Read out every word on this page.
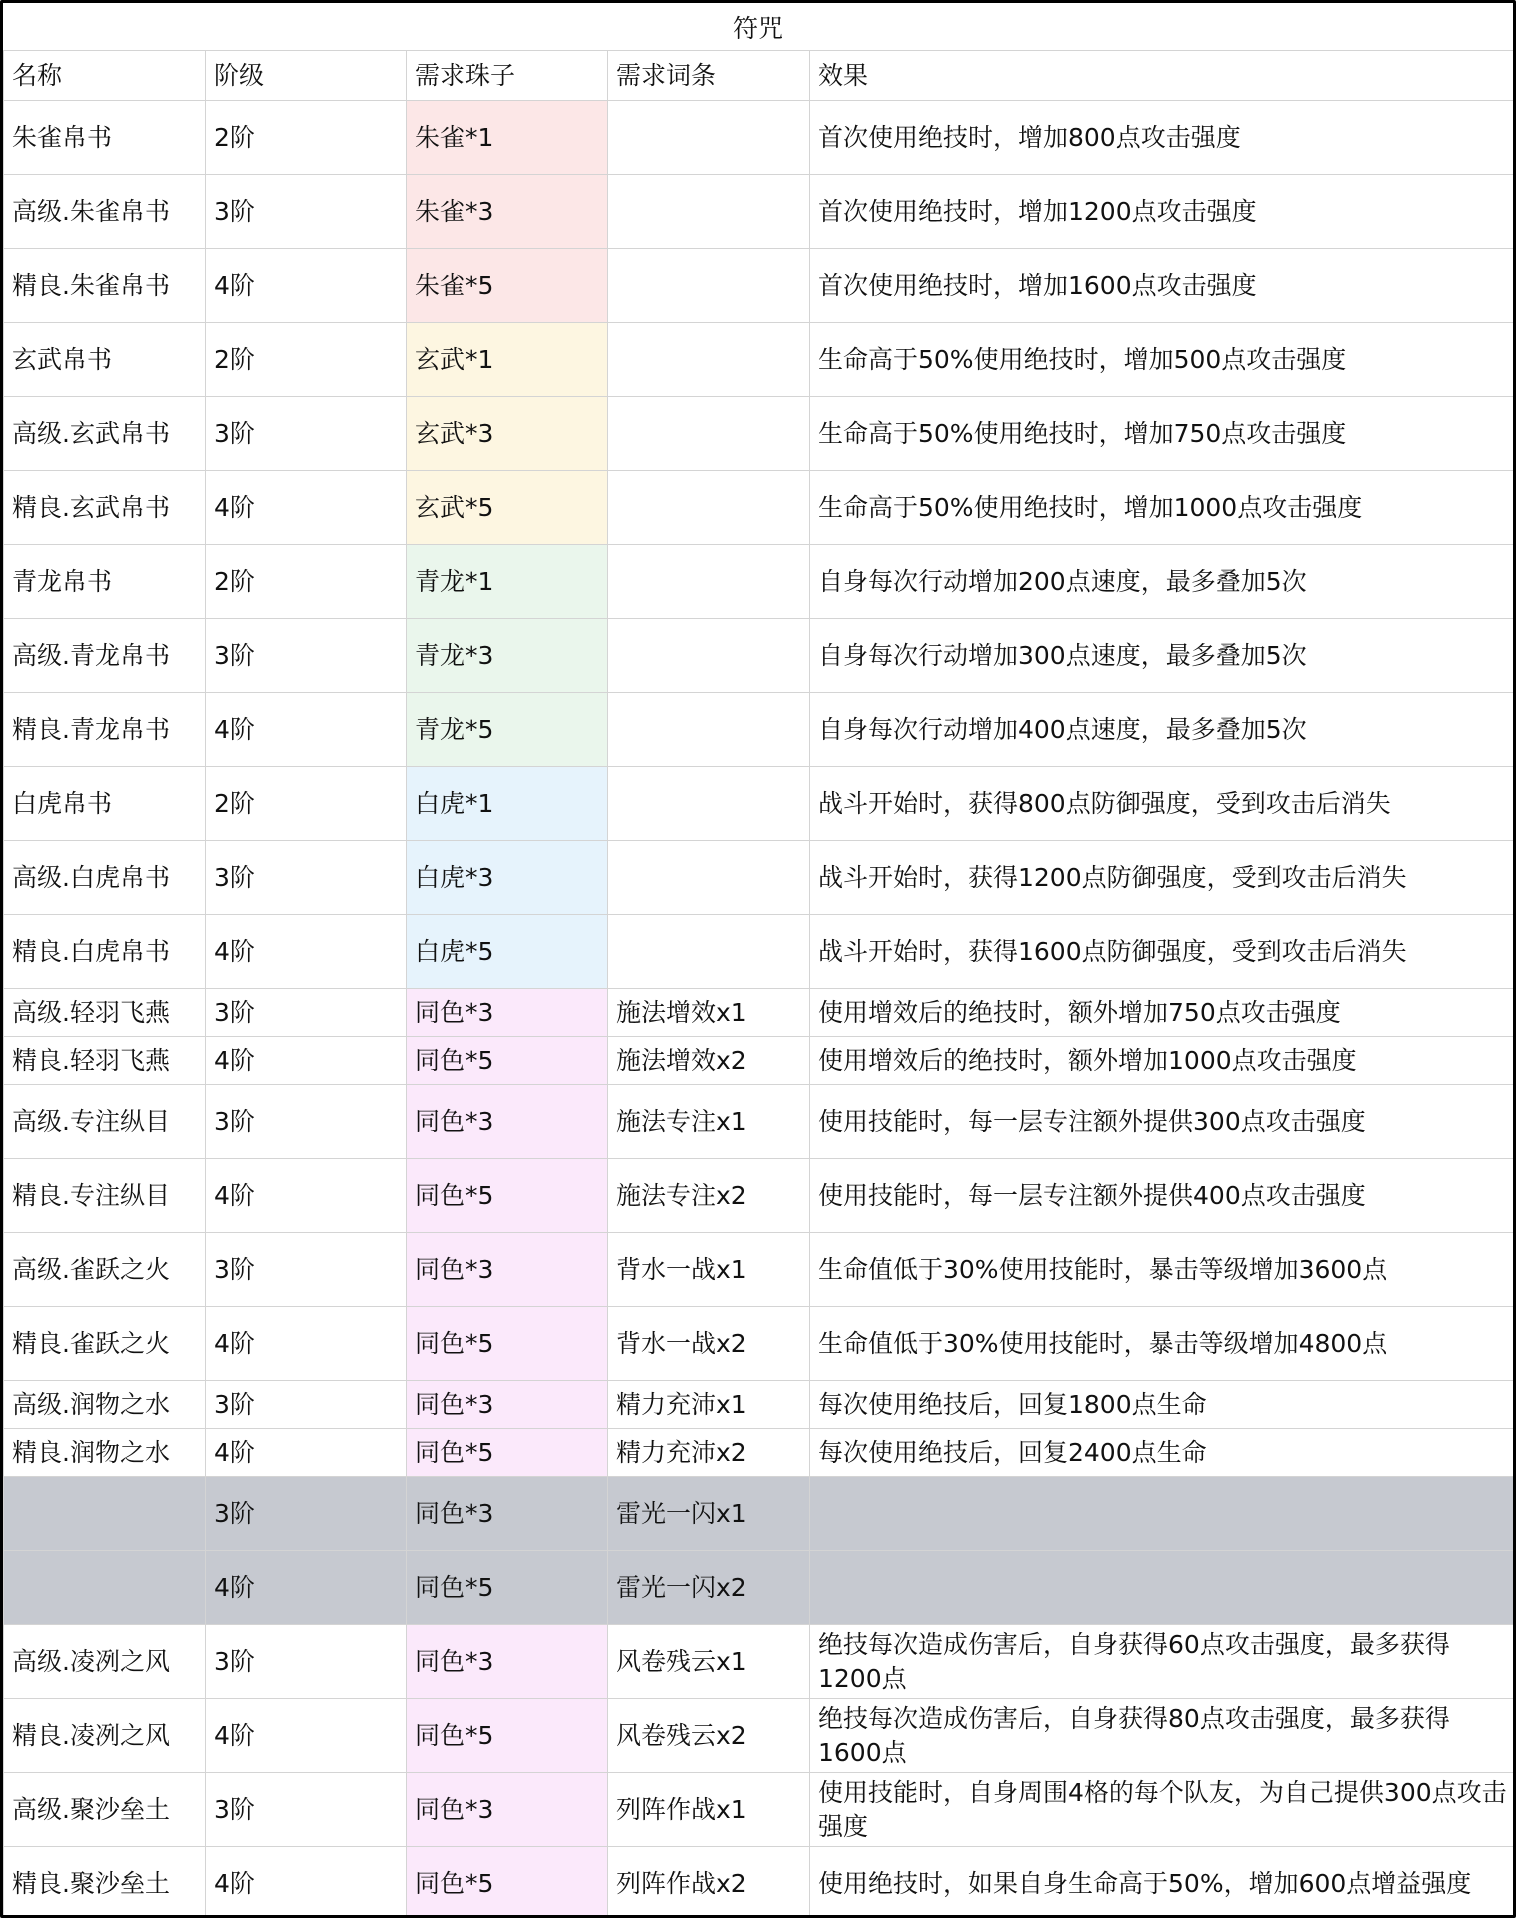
符咒
名称	阶级	需求珠子	需求词条	效果
朱雀帛书	2阶	朱雀*1		首次使用绝技时，增加800点攻击强度
高级.朱雀帛书	3阶	朱雀*3		首次使用绝技时，增加1200点攻击强度
精良.朱雀帛书	4阶	朱雀*5		首次使用绝技时，增加1600点攻击强度
玄武帛书	2阶	玄武*1		生命高于50%使用绝技时，增加500点攻击强度
高级.玄武帛书	3阶	玄武*3		生命高于50%使用绝技时，增加750点攻击强度
精良.玄武帛书	4阶	玄武*5		生命高于50%使用绝技时，增加1000点攻击强度
青龙帛书	2阶	青龙*1		自身每次行动增加200点速度，最多叠加5次
高级.青龙帛书	3阶	青龙*3		自身每次行动增加300点速度，最多叠加5次
精良.青龙帛书	4阶	青龙*5		自身每次行动增加400点速度，最多叠加5次
白虎帛书	2阶	白虎*1		战斗开始时，获得800点防御强度，受到攻击后消失
高级.白虎帛书	3阶	白虎*3		战斗开始时，获得1200点防御强度，受到攻击后消失
精良.白虎帛书	4阶	白虎*5		战斗开始时，获得1600点防御强度，受到攻击后消失
高级.轻羽飞燕	3阶	同色*3	施法增效x1	使用增效后的绝技时，额外增加750点攻击强度
精良.轻羽飞燕	4阶	同色*5	施法增效x2	使用增效后的绝技时，额外增加1000点攻击强度
高级.专注纵目	3阶	同色*3	施法专注x1	使用技能时，每一层专注额外提供300点攻击强度
精良.专注纵目	4阶	同色*5	施法专注x2	使用技能时，每一层专注额外提供400点攻击强度
高级.雀跃之火	3阶	同色*3	背水一战x1	生命值低于30%使用技能时，暴击等级增加3600点
精良.雀跃之火	4阶	同色*5	背水一战x2	生命值低于30%使用技能时，暴击等级增加4800点
高级.润物之水	3阶	同色*3	精力充沛x1	每次使用绝技后，回复1800点生命
精良.润物之水	4阶	同色*5	精力充沛x2	每次使用绝技后，回复2400点生命
	3阶	同色*3	雷光一闪x1	
	4阶	同色*5	雷光一闪x2	
高级.凌冽之风	3阶	同色*3	风卷残云x1	绝技每次造成伤害后，自身获得60点攻击强度，最多获得1200点
精良.凌冽之风	4阶	同色*5	风卷残云x2	绝技每次造成伤害后，自身获得80点攻击强度，最多获得1600点
高级.聚沙垒土	3阶	同色*3	列阵作战x1	使用技能时，自身周围4格的每个队友，为自己提供300点攻击强度
精良.聚沙垒土	4阶	同色*5	列阵作战x2	使用绝技时，如果自身生命高于50%，增加600点增益强度
